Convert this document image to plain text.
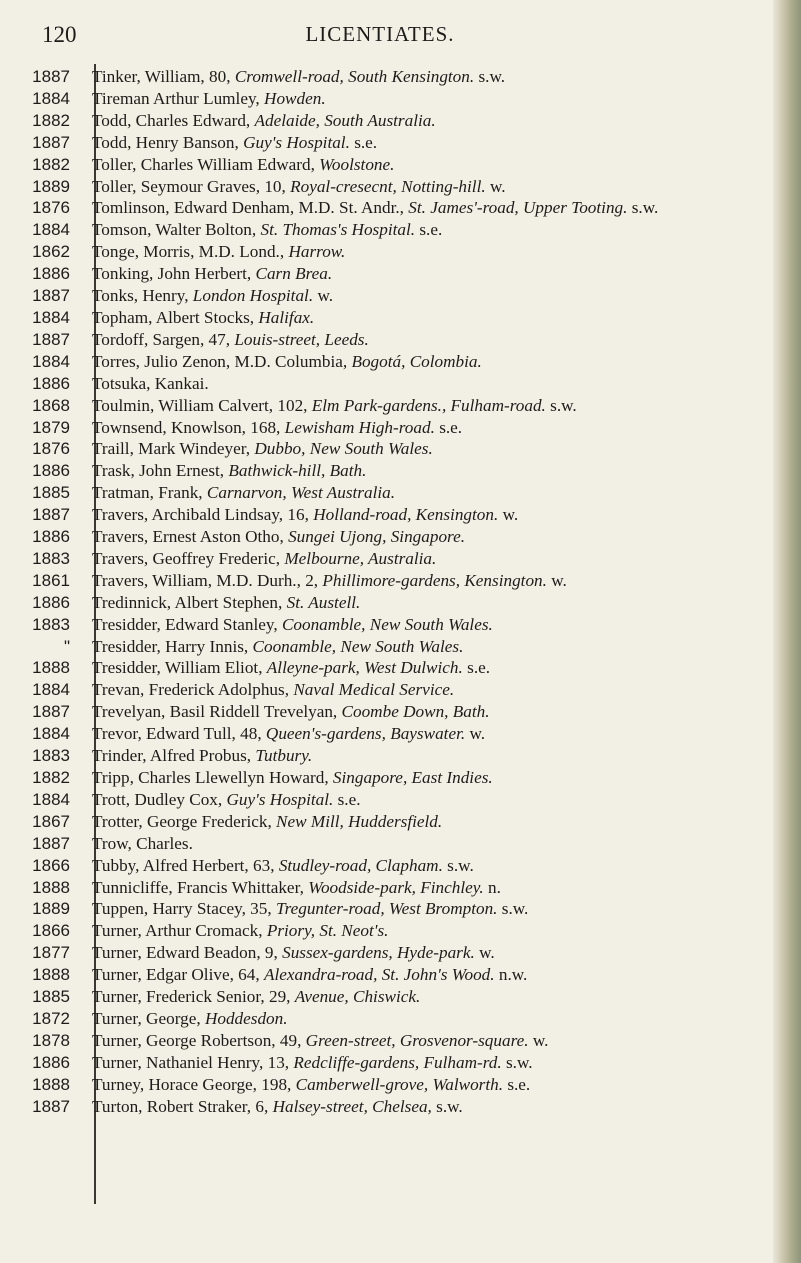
120	LICENTIATES.
1887	Tinker, William, 80, Cromwell-road, South Kensington. s.w.
1884	Tireman Arthur Lumley, Howden.
1882	Todd, Charles Edward, Adelaide, South Australia.
1887	Todd, Henry Banson, Guy's Hospital. s.e.
1882	Toller, Charles William Edward, Woolstone.
1889	Toller, Seymour Graves, 10, Royal-cresecnt, Notting-hill. w.
1876	Tomlinson, Edward Denham, M.D. St. Andr., St. James'-road, Upper Tooting. s.w.
1884	Tomson, Walter Bolton, St. Thomas's Hospital. s.e.
1862	Tonge, Morris, M.D. Lond., Harrow.
1886	Tonking, John Herbert, Carn Brea.
1887	Tonks, Henry, London Hospital. w.
1884	Topham, Albert Stocks, Halifax.
1887	Tordoff, Sargen, 47, Louis-street, Leeds.
1884	Torres, Julio Zenon, M.D. Columbia, Bogotá, Colombia.
1886	Totsuka, Kankai.
1868	Toulmin, William Calvert, 102, Elm Park-gardens., Fulham-road. s.w.
1879	Townsend, Knowlson, 168, Lewisham High-road. s.e.
1876	Traill, Mark Windeyer, Dubbo, New South Wales.
1886	Trask, John Ernest, Bathwick-hill, Bath.
1885	Tratman, Frank, Carnarvon, West Australia.
1887	Travers, Archibald Lindsay, 16, Holland-road, Kensington. w.
1886	Travers, Ernest Aston Otho, Sungei Ujong, Singapore.
1883	Travers, Geoffrey Frederic, Melbourne, Australia.
1861	Travers, William, M.D. Durh., 2, Phillimore-gardens, Kensington. w.
1886	Tredinnick, Albert Stephen, St. Austell.
1883	Tresidder, Edward Stanley, Coonamble, New South Wales.
"	Tresidder, Harry Innis, Coonamble, New South Wales.
1888	Tresidder, William Eliot, Alleyne-park, West Dulwich. s.e.
1884	Trevan, Frederick Adolphus, Naval Medical Service.
1887	Trevelyan, Basil Riddell Trevelyan, Coombe Down, Bath.
1884	Trevor, Edward Tull, 48, Queen's-gardens, Bayswater. w.
1883	Trinder, Alfred Probus, Tutbury.
1882	Tripp, Charles Llewellyn Howard, Singapore, East Indies.
1884	Trott, Dudley Cox, Guy's Hospital. s.e.
1867	Trotter, George Frederick, New Mill, Huddersfield.
1887	Trow, Charles.
1866	Tubby, Alfred Herbert, 63, Studley-road, Clapham. s.w.
1888	Tunnicliffe, Francis Whittaker, Woodside-park, Finchley. n.
1889	Tuppen, Harry Stacey, 35, Tregunter-road, West Brompton. s.w.
1866	Turner, Arthur Cromack, Priory, St. Neot's.
1877	Turner, Edward Beadon, 9, Sussex-gardens, Hyde-park. w.
1888	Turner, Edgar Olive, 64, Alexandra-road, St. John's Wood. n.w.
1885	Turner, Frederick Senior, 29, Avenue, Chiswick.
1872	Turner, George, Hoddesdon.
1878	Turner, George Robertson, 49, Green-street, Grosvenor-square. w.
1886	Turner, Nathaniel Henry, 13, Redcliffe-gardens, Fulham-rd. s.w.
1888	Turney, Horace George, 198, Camberwell-grove, Walworth. s.e.
1887	Turton, Robert Straker, 6, Halsey-street, Chelsea, s.w.
